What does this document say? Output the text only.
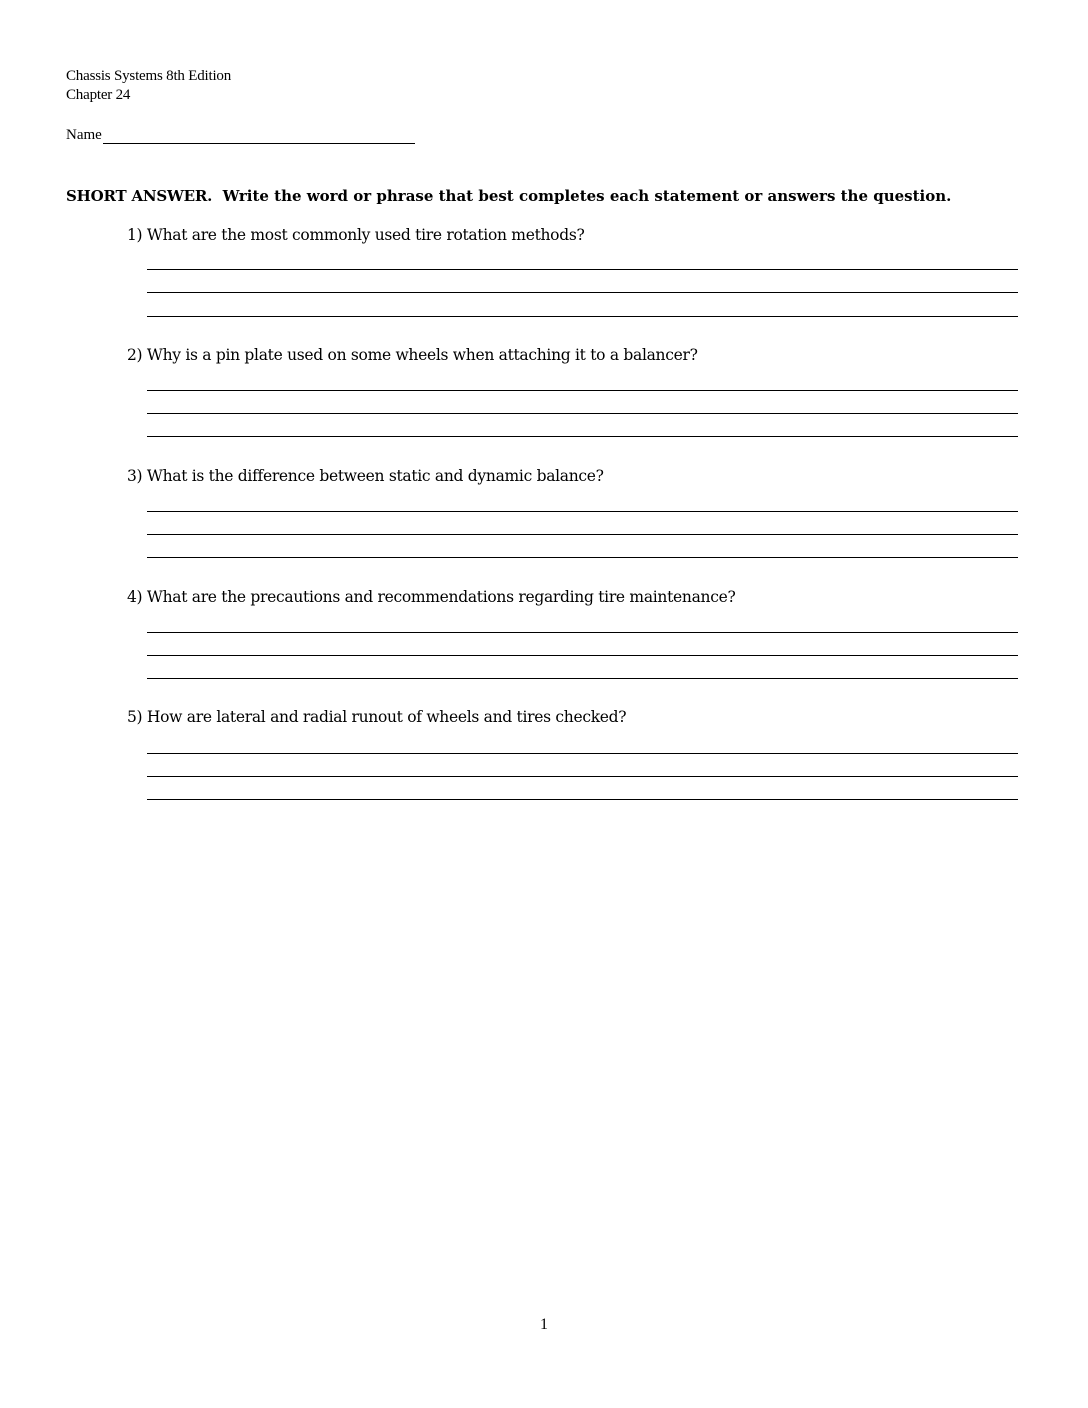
Chassis Systems 8th Edition
Chapter 24
Name
SHORT ANSWER. Write the word or phrase that best completes each statement or answers the question.
1) What are the most commonly used tire rotation methods?
2) Why is a pin plate used on some wheels when attaching it to a balancer?
3) What is the difference between static and dynamic balance?
4) What are the precautions and recommendations regarding tire maintenance?
5) How are lateral and radial runout of wheels and tires checked?
1
